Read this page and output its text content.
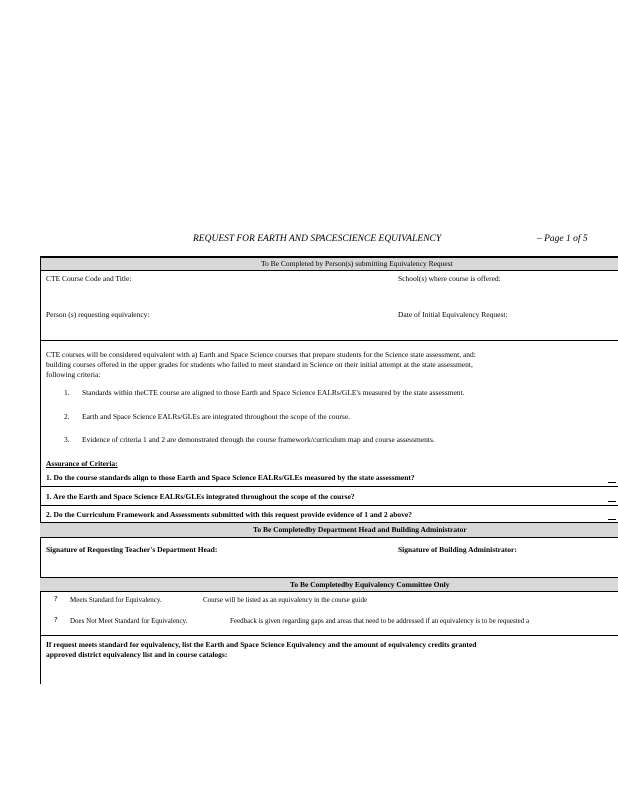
REQUEST FOR EARTH AND SPACESCIENCE EQUIVALENCY	– Page 1 of 5
To Be Completed by Person(s) submitting Equivalency Request
CTE Course Code and Title:	School(s) where course is offered:
Person (s) requesting equivalency:	Date of Initial Equivalency Request:
CTE courses will be considered equivalent with a) Earth and Space Science courses that prepare students for the Science state assessment, and:
building courses offered in the upper grades for students who failed to meet standard in Science on their initial attempt at the state assessment,
following criteria:
1. Standards within theCTE course are aligned to those Earth and Space Science EALRs/GLE's measured by the state assessment.
2. Earth and Space Science EALRs/GLEs are integrated throughout the scope of the course.
3. Evidence of criteria 1 and 2 are demonstrated through the course framework/curriculum map and course assessments.
Assurance of Criteria:
1. Do the course standards align to those Earth and Space Science EALRs/GLEs measured by the state assessment?
1. Are the Earth and Space Science EALRs/GLEs integrated throughout the scope of the course?
2. Do the Curriculum Framework and Assessments submitted with this request provide evidence of 1 and 2 above?
To Be Completedby Department Head and Building Administrator
Signature of Requesting Teacher's Department Head:	Signature of Building Administrator:
To Be Completedby Equivalency Committee Only
? Meets Standard for Equivalency.	Course will be listed as an equivalency in the course guide
? Does Not Meet Standard for Equivalency.	Feedback is given regarding gaps and areas that need to be addressed if an equivalency is to be requested a
If request meets standard for equivalency, list the Earth and Space Science Equivalency and the amount of equivalency credits granted
approved district equivalency list and in course catalogs:
